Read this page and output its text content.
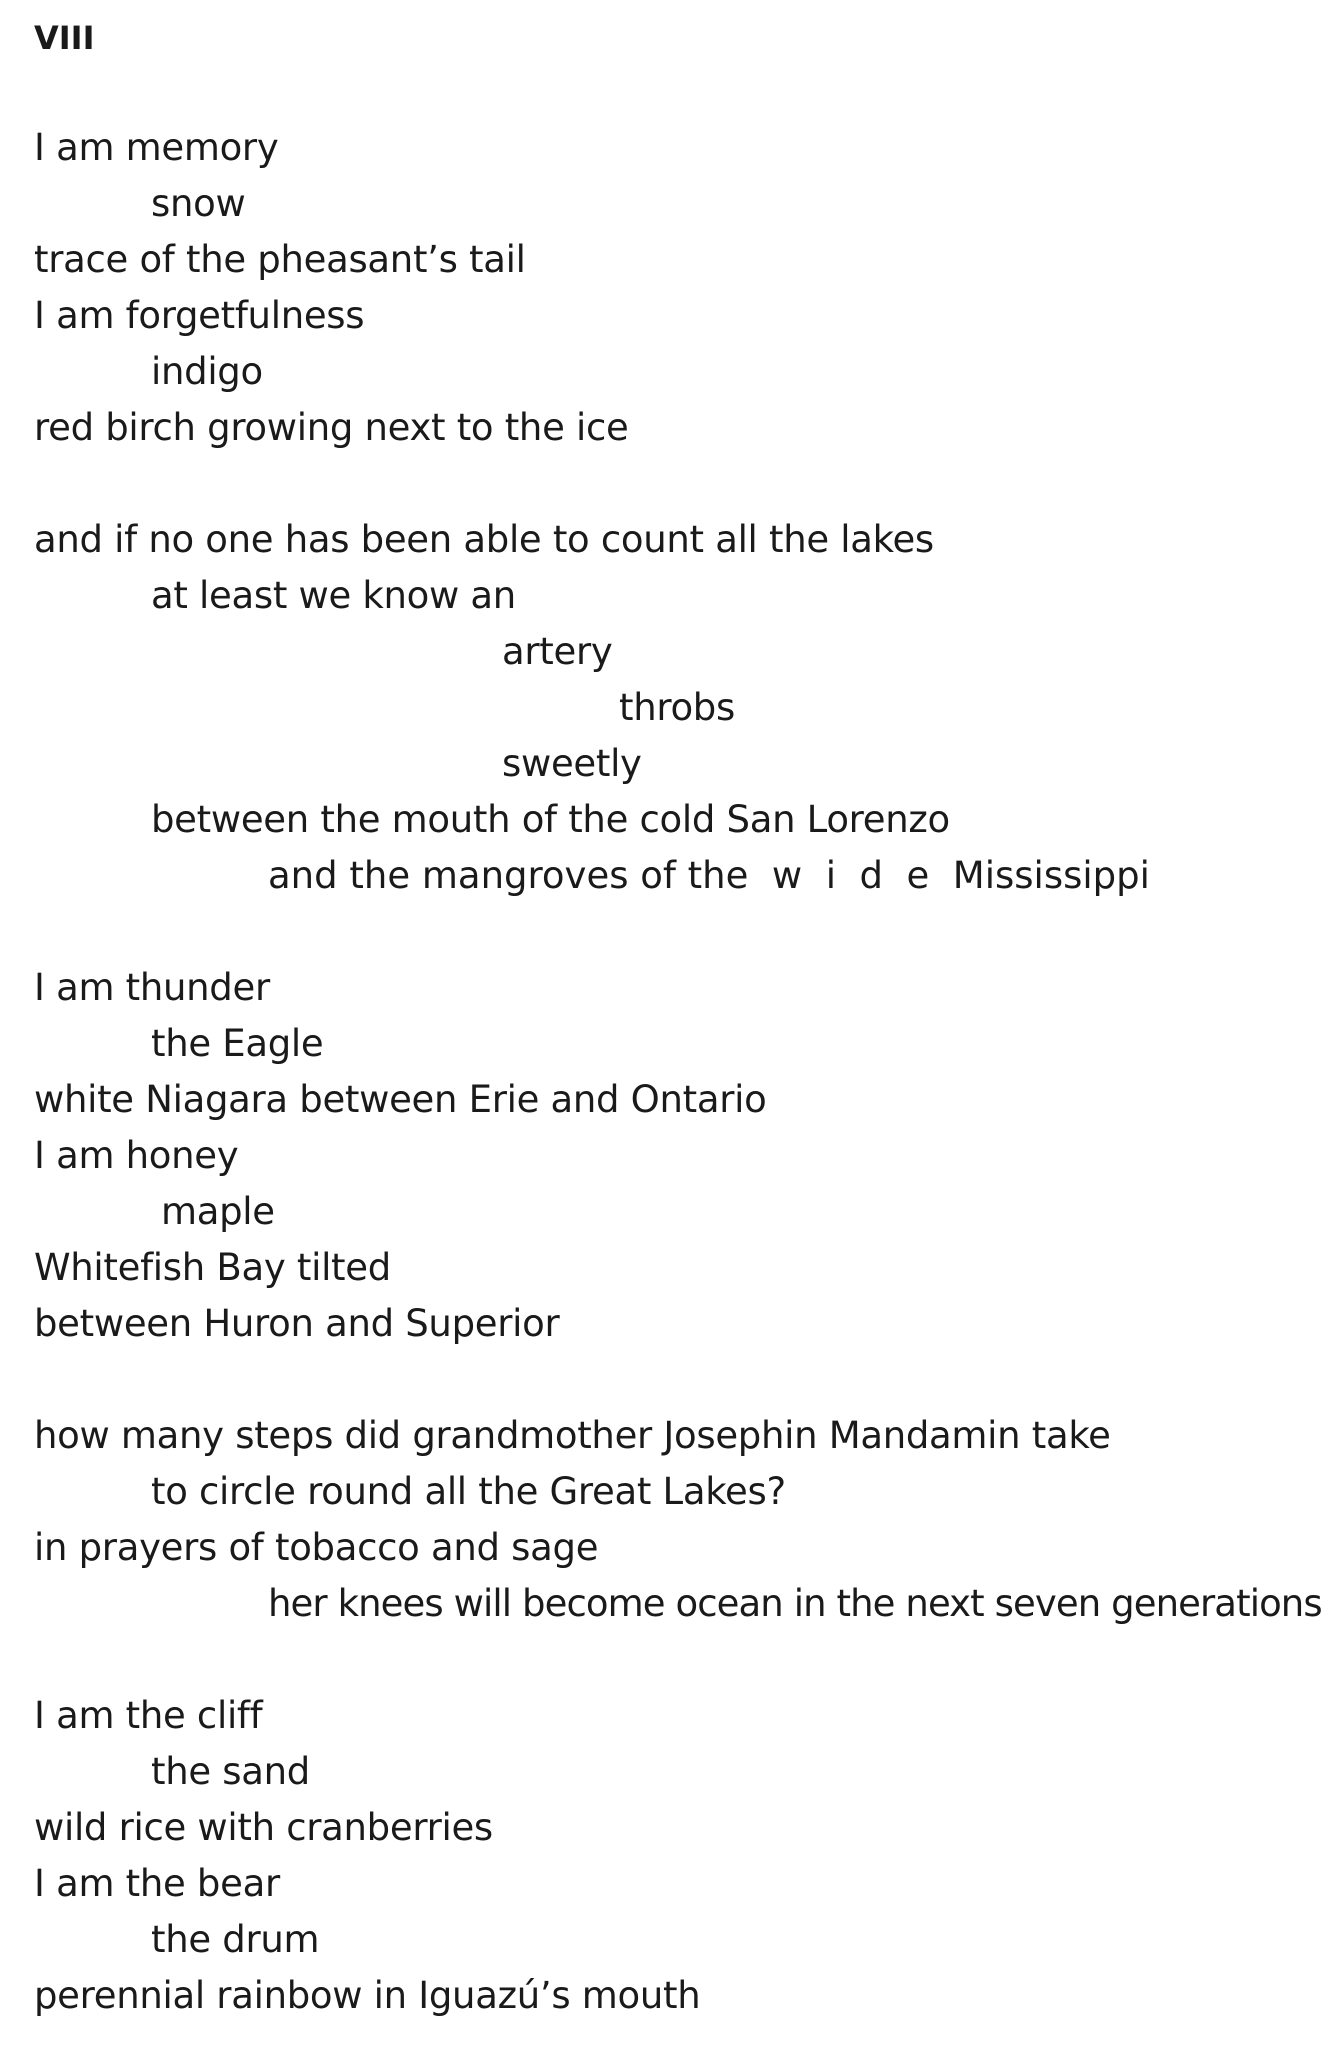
VIII
I am memory
snow
trace of the pheasant’s tail
I am forgetfulness
indigo
red birch growing next to the ice
and if no one has been able to count all the lakes
at least we know an
artery
throbs
sweetly
between the mouth of the cold San Lorenzo
and the mangroves of the  w  i  d  e  Mississippi
I am thunder
the Eagle
white Niagara between Erie and Ontario
I am honey
maple
Whitefish Bay tilted
between Huron and Superior
how many steps did grandmother Josephin Mandamin take
to circle round all the Great Lakes?
in prayers of tobacco and sage
her knees will become ocean in the next seven generations
I am the cliff
the sand
wild rice with cranberries
I am the bear
the drum
perennial rainbow in Iguazú’s mouth
